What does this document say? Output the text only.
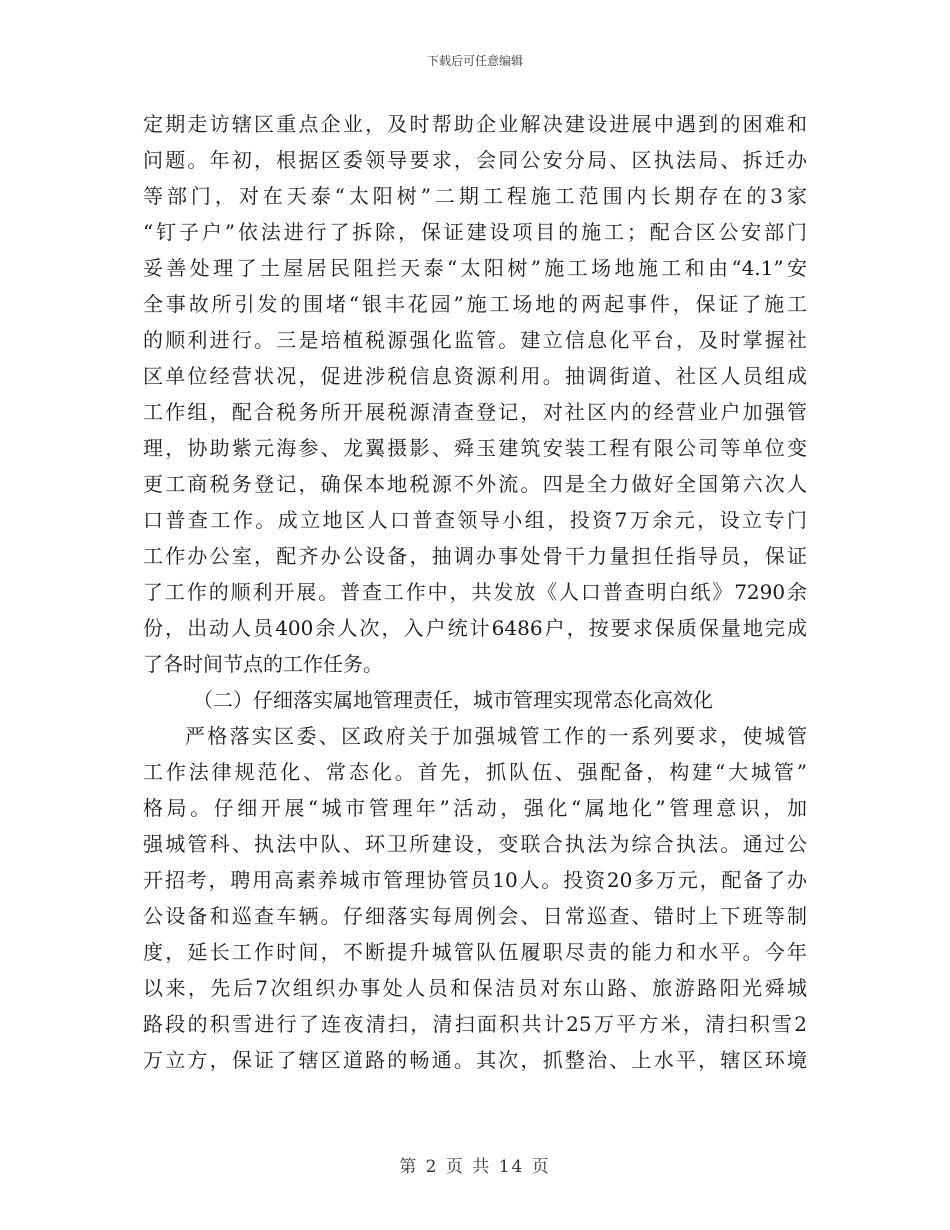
下载后可任意编辑
定期走访辖区重点企业，及时帮助企业解决建设进展中遇到的困难和
问题。年初，根据区委领导要求，会同公安分局、区执法局、拆迁办
等部门，对在天泰“太阳树”二期工程施工范围内长期存在的3家
“钉子户”依法进行了拆除，保证建设项目的施工；配合区公安部门
妥善处理了土屋居民阻拦天泰“太阳树”施工场地施工和由“4.1”安
全事故所引发的围堵“银丰花园”施工场地的两起事件，保证了施工
的顺利进行。三是培植税源强化监管。建立信息化平台，及时掌握社
区单位经营状况，促进涉税信息资源利用。抽调街道、社区人员组成
工作组，配合税务所开展税源清查登记，对社区内的经营业户加强管
理，协助紫元海参、龙翼摄影、舜玉建筑安装工程有限公司等单位变
更工商税务登记，确保本地税源不外流。四是全力做好全国第六次人
口普查工作。成立地区人口普查领导小组，投资7万余元，设立专门
工作办公室，配齐办公设备，抽调办事处骨干力量担任指导员，保证
了工作的顺利开展。普查工作中，共发放《人口普查明白纸》7290余
份，出动人员400余人次，入户统计6486户，按要求保质保量地完成
了各时间节点的工作任务。
（二）仔细落实属地管理责任，城市管理实现常态化高效化
严格落实区委、区政府关于加强城管工作的一系列要求，使城管
工作法律规范化、常态化。首先，抓队伍、强配备，构建“大城管”
格局。仔细开展“城市管理年”活动，强化“属地化”管理意识，加
强城管科、执法中队、环卫所建设，变联合执法为综合执法。通过公
开招考，聘用高素养城市管理协管员10人。投资20多万元，配备了办
公设备和巡查车辆。仔细落实每周例会、日常巡查、错时上下班等制
度，延长工作时间，不断提升城管队伍履职尽责的能力和水平。今年
以来，先后7次组织办事处人员和保洁员对东山路、旅游路阳光舜城
路段的积雪进行了连夜清扫，清扫面积共计25万平方米，清扫积雪2
万立方，保证了辖区道路的畅通。其次，抓整治、上水平，辖区环境
第 2 页 共 14 页
